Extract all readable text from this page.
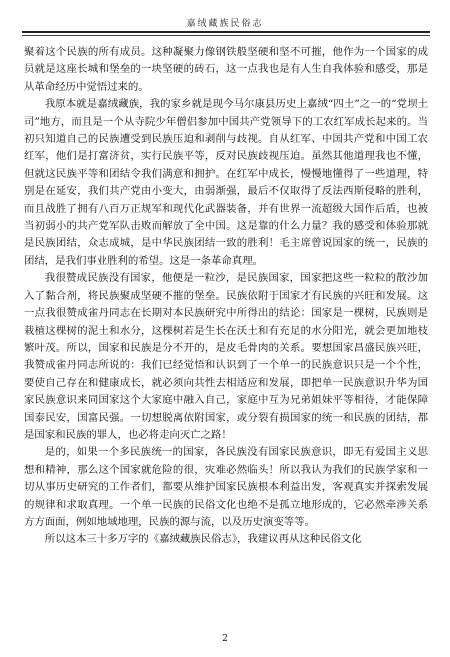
嘉绒藏族民俗志

聚着这个民族的所有成员。这种凝聚力像钢铁般坚硬和坚不可摧，他作为一个国家的成员就是这座长城和堡垒的一块坚硬的砖石，这一点我也是有人生自我体验和感受，那是从革命经历中觉悟过来的。

我原本就是嘉绒藏族，我的家乡就是现今马尔康县历史上嘉绒“四土”之一的“党坝土司”地方，而且是一个从寺院少年僧侣参加中国共产党领导下的工农红军成长起来的。当初只知道自己的民族遭受到民族压迫和剥削与歧视。自从红军、中国共产党和中国工农红军，他们是打富济贫，实行民族平等，反对民族歧视压迫。虽然其他道理我也不懂，但就这民族平等和团结令我们满意和拥护。在红军中成长，慢慢地懂得了一些道理，特别是在延安，我们共产党由小变大，由弱渐强，最后不仅取得了反法西斯侵略的胜利，而且战胜了拥有八百万正规军和现代化武器装备，并有世界一流超级大国作后盾，也被当初弱小的共产党军队击败而解放了全中国。这是靠的什么力量？我的感受和体验那就是民族团结，众志成城，是中华民族团结一致的胜利！毛主席曾说国家的统一，民族的团结，是我们事业胜利的希望。这是一条革命真理。

我很赞成民族没有国家，他便是一粒沙，是民族国家，国家把这些一粒粒的散沙加入了黏合剂，将民族聚成坚硬不摧的堡垒。民族依附于国家才有民族的兴旺和发展。这一点我很赞成雀丹同志在长期对本民族研究中所得出的结论：国家是一棵树，民族则是栽植这棵树的泥土和水分，这棵树若是生长在沃土和有充足的水分阳光，就会更加地枝繁叶茂。所以，国家和民族是分不开的，是皮毛骨肉的关系。要想国家昌盛民族兴旺，我赞成雀丹同志所说的：我们已经觉悟和认识到了一个单一的民族意识只是一个个性，要使自己存在和健康成长，就必须向共性去相适应和发展，即把单一民族意识升华为国家民族意识来同国家这个大家庭中融入自己，家庭中互为兄弟姐妹平等相待，才能保障国泰民安，国富民强。一切想脱离依附国家，或分裂有损国家的统一和民族的团结，都是国家和民族的罪人，也必将走向灭亡之路！

是的，如果一个多民族统一的国家，各民族没有国家民族意识，即无有爱国主义思想和精神，那么这个国家就危险的很，灾难必然临头！所以我认为我们的民族学家和一切从事历史研究的工作者们，都要从维护国家民族根本利益出发，客观真实并探索发展的规律和求取真理。一个单一民族的民俗文化也绝不是孤立地形成的，它必然牵涉关系方方面面，例如地域地理，民族的源与流，以及历史演变等等。

所以这本三十多万字的《嘉绒藏族民俗志》，我建议再从这种民俗文化

2
